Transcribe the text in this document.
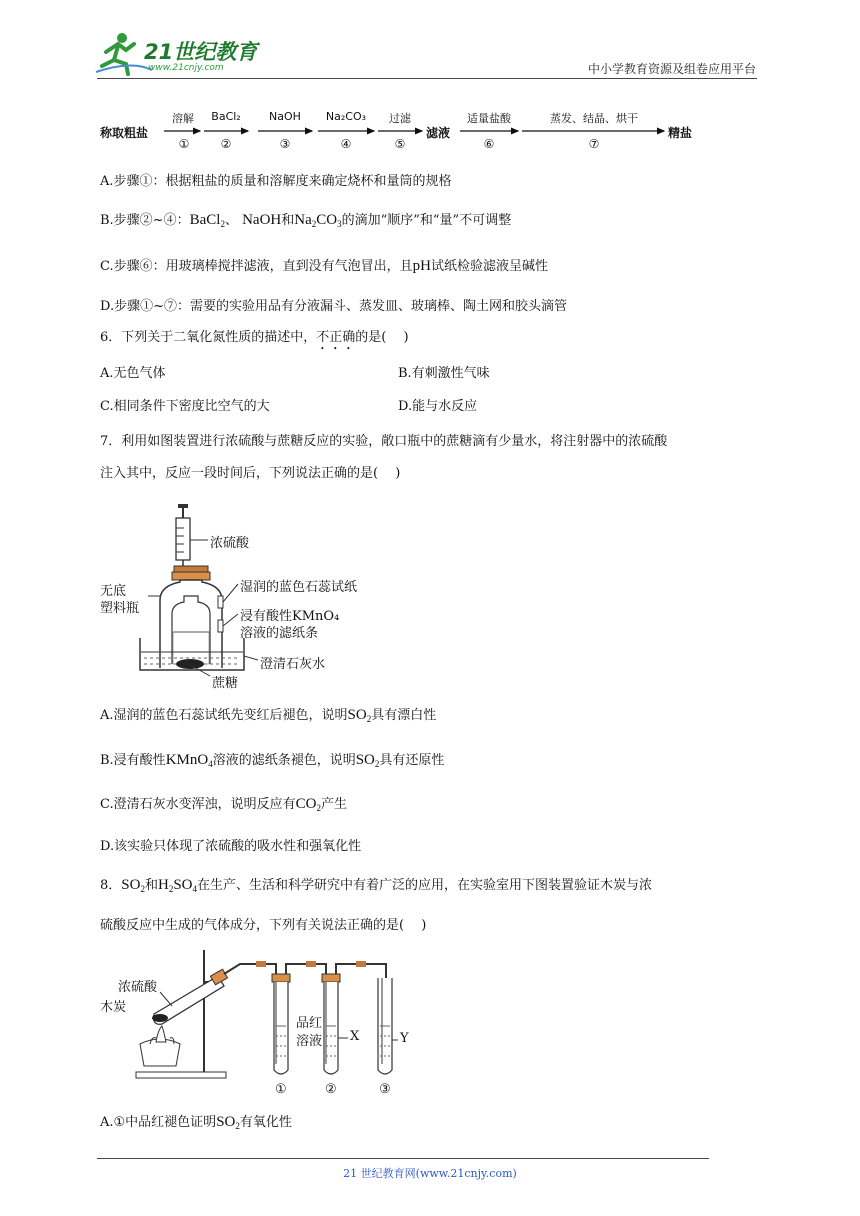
21世纪教育
www.21cnjy.com	中小学教育资源及组卷应用平台
称取粗盐
溶解
①
BaCl₂
②
NaOH
③
Na₂CO₃
④
过滤
⑤
滤液
适量盐酸
⑥
蒸发、结晶、烘干
⑦
精盐
A.步骤①：根据粗盐的质量和溶解度来确定烧杯和量筒的规格
B.步骤②~④：BaCl$_2$、 NaOH和$Na_2CO_3$的滴加“顺序”和“量”不可调整
C.步骤⑥：用玻璃棒搅拌滤液，直到没有气泡冒出，且pH试纸检验滤液呈碱性
D.步骤①~⑦：需要的实验用品有分液漏斗、蒸发皿、玻璃棒、陶土网和胶头滴管
6．下列关于二氧化氮性质的描述中，不正确的是(　 )
A.无色气体	B.有刺激性气味
C.相同条件下密度比空气的大	D.能与水反应
7．利用如图装置进行浓硫酸与蔗糖反应的实验，敞口瓶中的蔗糖滴有少量水，将注射器中的浓硫酸
注入其中，反应一段时间后，下列说法正确的是(　 )
浓硫酸
无底
塑料瓶
湿润的蓝色石蕊试纸
浸有酸性KMnO₄
溶液的滤纸条
澄清石灰水
蔗糖
A.湿润的蓝色石蕊试纸先变红后褪色，说明$SO_2$具有漂白性
B.浸有酸性KMnO$_4$溶液的滤纸条褪色，说明$SO_2$具有还原性
C.澄清石灰水变浑浊，说明反应有$CO_2$产生
D.该实验只体现了浓硫酸的吸水性和强氧化性
8．$SO_2$和$H_2SO_4$在生产、生活和科学研究中有着广泛的应用，在实验室用下图装置验证木炭与浓
硫酸反应中生成的气体成分，下列有关说法正确的是(　 )
浓硫酸
木炭
品红
溶液 X	Y
①	②	③
A.①中品红褪色证明$SO_2$有氧化性
21 世纪教育网(www.21cnjy.com)
